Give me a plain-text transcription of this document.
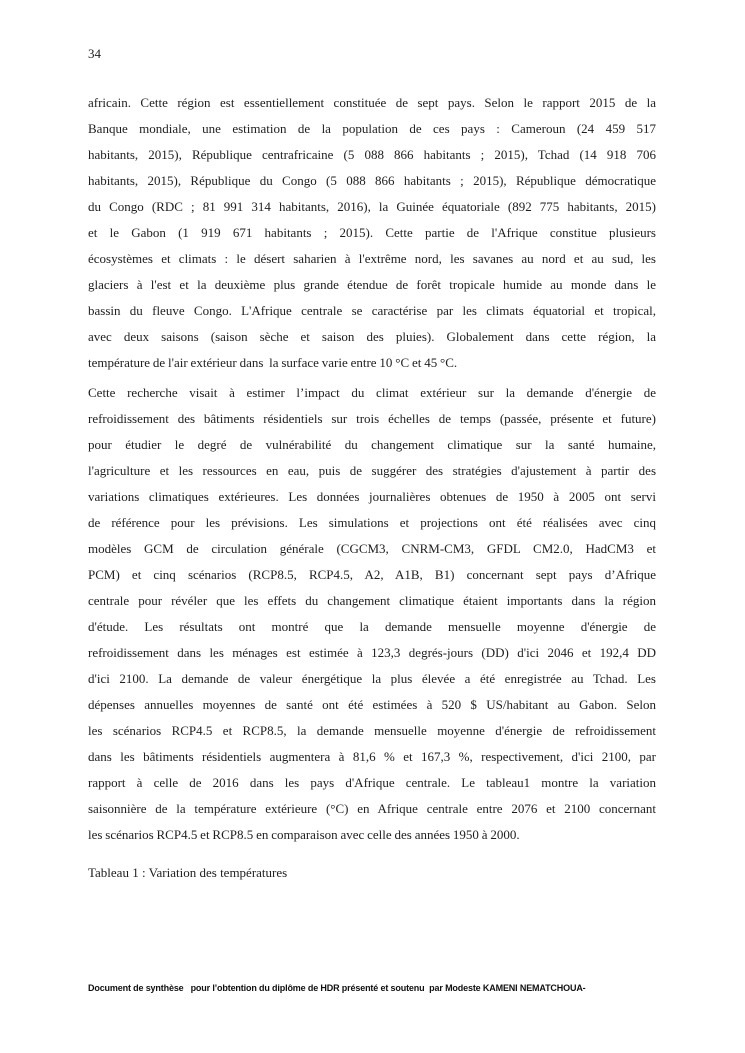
34
africain. Cette région est essentiellement constituée de sept pays. Selon le rapport 2015 de la
Banque mondiale, une estimation de la population de ces pays : Cameroun (24 459 517
habitants, 2015), République centrafricaine (5 088 866 habitants ; 2015), Tchad (14 918 706
habitants, 2015), République du Congo (5 088 866 habitants ; 2015), République démocratique
du Congo (RDC ; 81 991 314 habitants, 2016), la Guinée équatoriale (892 775 habitants, 2015)
et le Gabon (1 919 671 habitants ; 2015). Cette partie de l'Afrique constitue plusieurs
écosystèmes et climats : le désert saharien à l'extrême nord, les savanes au nord et au sud, les
glaciers à l'est et la deuxième plus grande étendue de forêt tropicale humide au monde dans le
bassin du fleuve Congo. L'Afrique centrale se caractérise par les climats équatorial et tropical,
avec deux saisons (saison sèche et saison des pluies). Globalement dans cette région, la
température de l'air extérieur dans  la surface varie entre 10 °C et 45 °C.
Cette recherche visait à estimer l’impact du climat extérieur sur la demande d'énergie de
refroidissement des bâtiments résidentiels sur trois échelles de temps (passée, présente et future)
pour étudier le degré de vulnérabilité du changement climatique sur la santé humaine,
l'agriculture et les ressources en eau, puis de suggérer des stratégies d'ajustement à partir des
variations climatiques extérieures. Les données journalières obtenues de 1950 à 2005 ont servi
de référence pour les prévisions. Les simulations et projections ont été réalisées avec cinq
modèles GCM de circulation générale (CGCM3, CNRM-CM3, GFDL CM2.0, HadCM3 et
PCM) et cinq scénarios (RCP8.5, RCP4.5, A2, A1B, B1) concernant sept pays d’Afrique
centrale pour révéler que les effets du changement climatique étaient importants dans la région
d'étude. Les résultats ont montré que la demande mensuelle moyenne d'énergie de
refroidissement dans les ménages est estimée à 123,3 degrés-jours (DD) d'ici 2046 et 192,4 DD
d'ici 2100. La demande de valeur énergétique la plus élevée a été enregistrée au Tchad. Les
dépenses annuelles moyennes de santé ont été estimées à 520 $ US/habitant au Gabon. Selon
les scénarios RCP4.5 et RCP8.5, la demande mensuelle moyenne d'énergie de refroidissement
dans les bâtiments résidentiels augmentera à 81,6 % et 167,3 %, respectivement, d'ici 2100, par
rapport à celle de 2016 dans les pays d'Afrique centrale. Le tableau1 montre la variation
saisonnière de la température extérieure (°C) en Afrique centrale entre 2076 et 2100 concernant
les scénarios RCP4.5 et RCP8.5 en comparaison avec celle des années 1950 à 2000.
Tableau 1 : Variation des températures
Document de synthèse   pour l’obtention du diplôme de HDR présenté et soutenu  par Modeste KAMENI NEMATCHOUA-
